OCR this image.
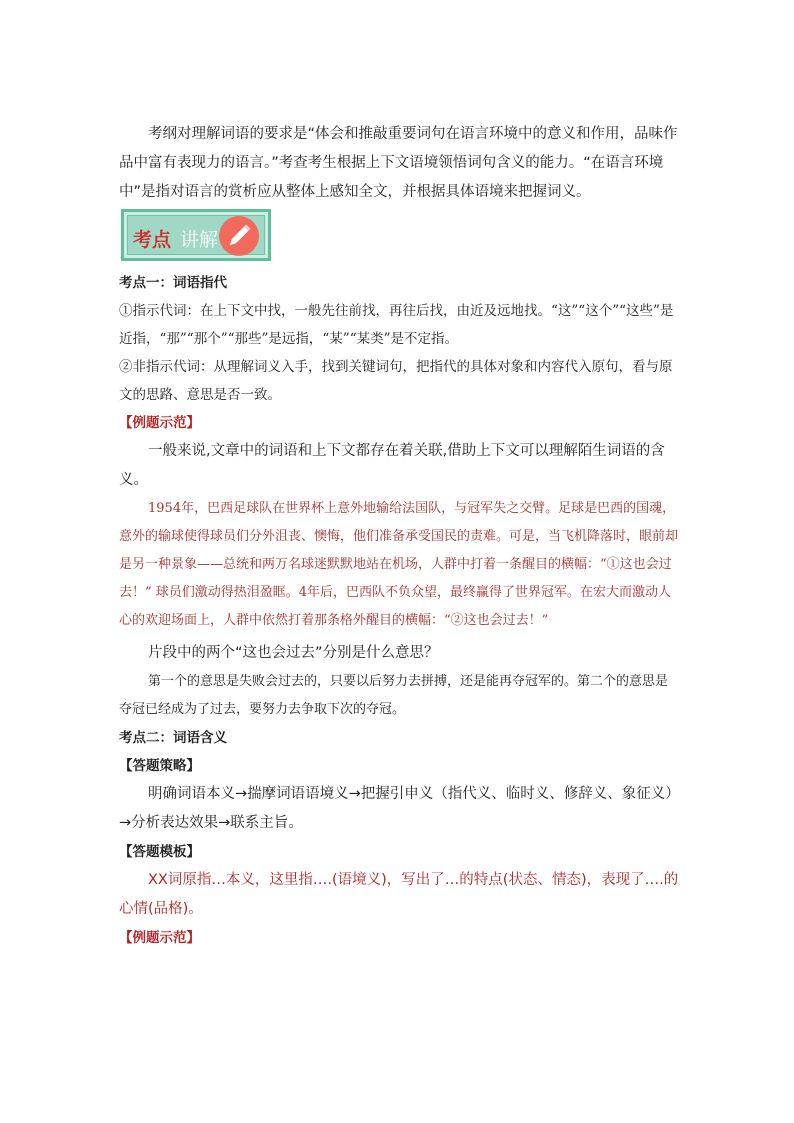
考纲对理解词语的要求是“体会和推敲重要词句在语言环境中的意义和作用，品味作品中富有表现力的语言。”考查考生根据上下文语境领悟词句含义的能力。“在语言环境中”是指对语言的赏析应从整体上感知全文，并根据具体语境来把握词义。

考点 讲解

考点一：词语指代

①指示代词：在上下文中找，一般先往前找，再往后找，由近及远地找。“这”“这个”“这些”是近指，“那”“那个”“那些”是远指，“某”“某类”是不定指。

②非指示代词：从理解词义入手，找到关键词句，把指代的具体对象和内容代入原句，看与原文的思路、意思是否一致。

【例题示范】

一般来说,文章中的词语和上下文都存在着关联,借助上下文可以理解陌生词语的含义。

1954年，巴西足球队在世界杯上意外地输给法国队，与冠军失之交臂。足球是巴西的国魂，意外的输球使得球员们分外沮丧、懊悔，他们准备承受国民的责难。可是，当飞机降落时，眼前却是另一种景象——总统和两万名球迷默默地站在机场，人群中打着一条醒目的横幅：“①这也会过去！” 球员们激动得热泪盈眶。4年后，巴西队不负众望，最终赢得了世界冠军。在宏大而激动人心的欢迎场面上，人群中依然打着那条格外醒目的横幅：“②这也会过去！”

片段中的两个“这也会过去”分别是什么意思？

第一个的意思是失败会过去的，只要以后努力去拼搏，还是能再夺冠军的。第二个的意思是夺冠已经成为了过去，要努力去争取下次的夺冠。

考点二：词语含义

【答题策略】

明确词语本义→揣摩词语语境义→把握引申义（指代义、临时义、修辞义、象征义）→分析表达效果→联系主旨。

【答题模板】

XX词原指…本义，这里指….(语境义)，写出了…的特点(状态、情态)，表现了….的心情(品格)。

【例题示范】
